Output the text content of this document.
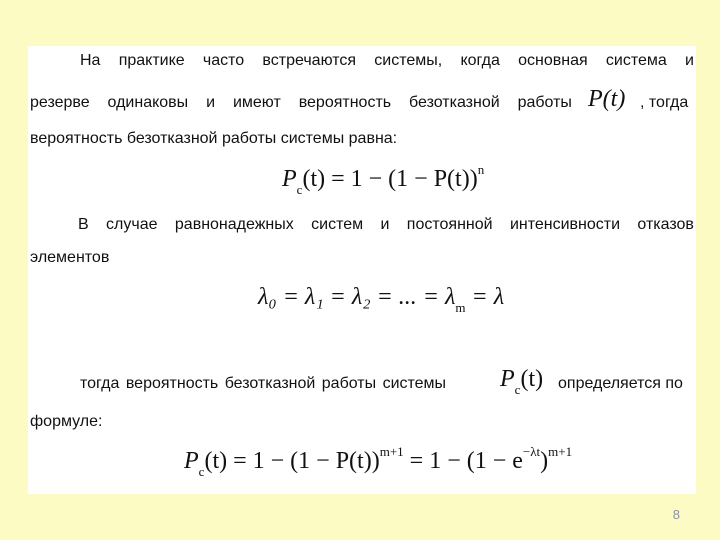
На практике часто встречаются системы, когда основная система и
резерве одинаковы и имеют вероятность безотказной работы P(t) , тогда
вероятность безотказной работы системы равна:
$P_c(t) = 1 - (1 - P(t))^n$
В случае равнонадежных систем и постоянной интенсивности отказов
элементов
λ₀ = λ₁ = λ₂ = ... = $\lambda_m = \lambda$
тогда вероятность безотказной работы системы $P_c(t)$ определяется по
формуле:
$P_c(t) = 1 - (1 - P(t))^{m+1} = 1 - (1 - e^{-\lambda t})^{m+1}$
8
